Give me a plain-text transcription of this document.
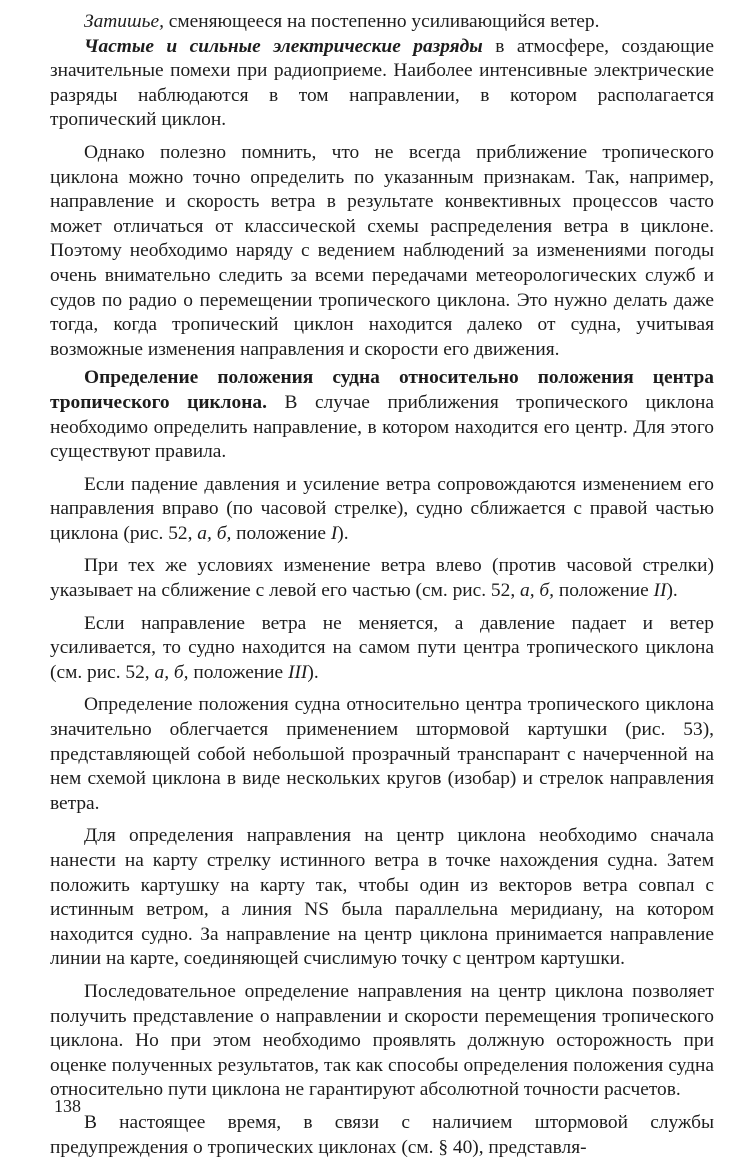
Затишье, сменяющееся на постепенно усиливающийся ветер.

Частые и сильные электрические разряды в атмосфере, создающие значительные помехи при радиоприеме. Наиболее интенсивные электрические разряды наблюдаются в том направлении, в котором располагается тропический циклон.

Однако полезно помнить, что не всегда приближение тропического циклона можно точно определить по указанным признакам. Так, например, направление и скорость ветра в результате конвективных процессов часто может отличаться от классической схемы распределения ветра в циклоне. Поэтому необходимо наряду с ведением наблюдений за изменениями погоды очень внимательно следить за всеми передачами метеорологических служб и судов по радио о перемещении тропического циклона. Это нужно делать даже тогда, когда тропический циклон находится далеко от судна, учитывая возможные изменения направления и скорости его движения.

Определение положения судна относительно положения центра тропического циклона. В случае приближения тропического циклона необходимо определить направление, в котором находится его центр. Для этого существуют правила.

Если падение давления и усиление ветра сопровождаются изменением его направления вправо (по часовой стрелке), судно сближается с правой частью циклона (рис. 52, а, б, положение I).

При тех же условиях изменение ветра влево (против часовой стрелки) указывает на сближение с левой его частью (см. рис. 52, а, б, положение II).

Если направление ветра не меняется, а давление падает и ветер усиливается, то судно находится на самом пути центра тропического циклона (см. рис. 52, а, б, положение III).

Определение положения судна относительно центра тропического циклона значительно облегчается применением штормовой картушки (рис. 53), представляющей собой небольшой прозрачный транспарант с начерченной на нем схемой циклона в виде нескольких кругов (изобар) и стрелок направления ветра.

Для определения направления на центр циклона необходимо сначала нанести на карту стрелку истинного ветра в точке нахождения судна. Затем положить картушку на карту так, чтобы один из векторов ветра совпал с истинным ветром, а линия NS была параллельна меридиану, на котором находится судно. За направление на центр циклона принимается направление линии на карте, соединяющей счислимую точку с центром картушки.

Последовательное определение направления на центр циклона позволяет получить представление о направлении и скорости перемещения тропического циклона. Но при этом необходимо проявлять должную осторожность при оценке полученных результатов, так как способы определения положения судна относительно пути циклона не гарантируют абсолютной точности расчетов.

В настоящее время, в связи с наличием штормовой службы предупреждения о тропических циклонах (см. § 40), представля-

138
